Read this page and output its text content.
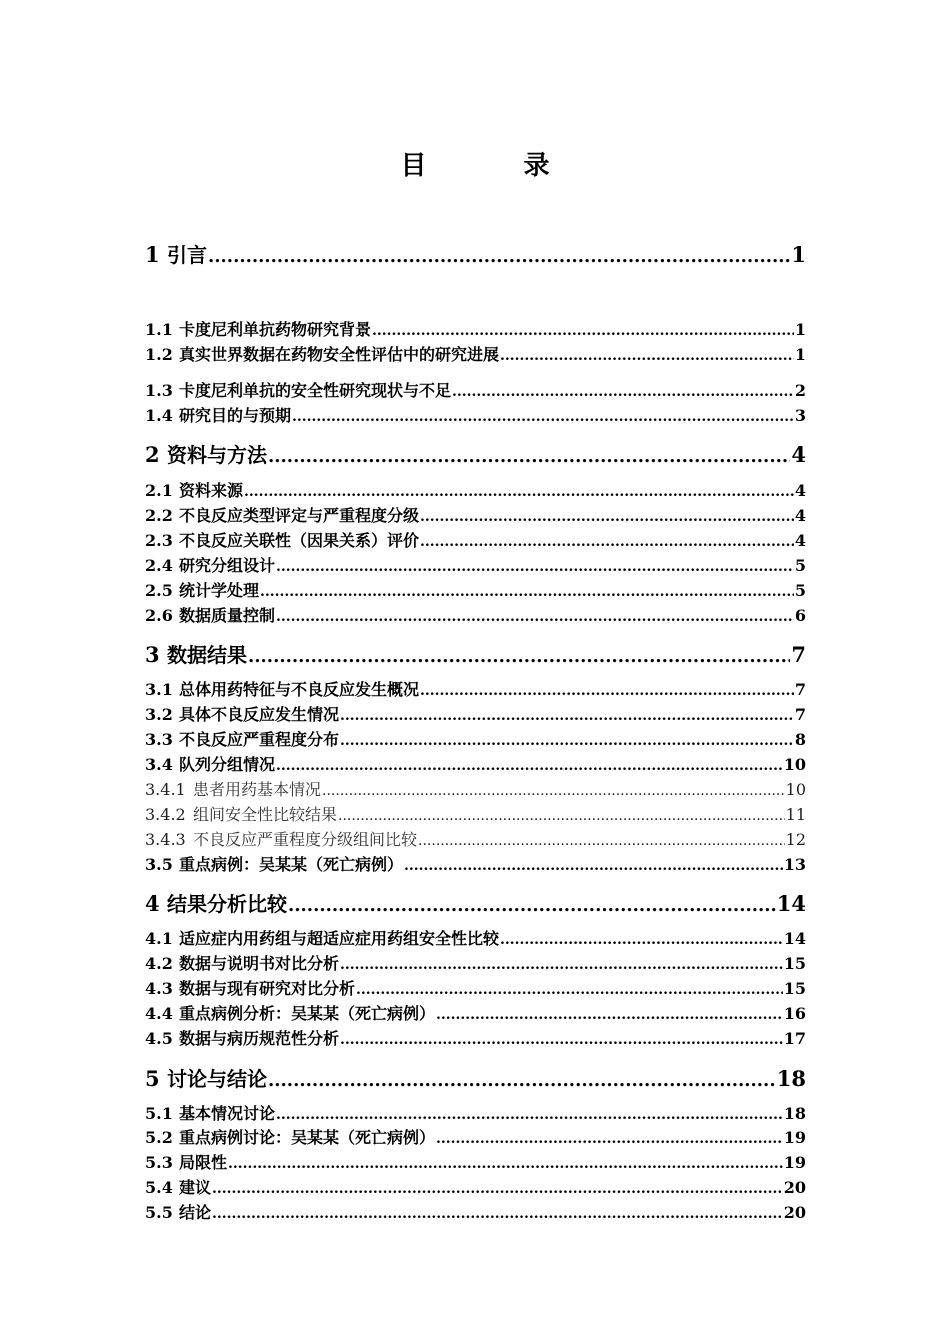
目 录
1 引言 .....	1
1.1 卡度尼利单抗药物研究背景 .....	1
1.2 真实世界数据在药物安全性评估中的研究进展 .....	1
1.3 卡度尼利单抗的安全性研究现状与不足 .....	2
1.4 研究目的与预期 .....	3
2 资料与方法 .....	4
2.1 资料来源 .....	4
2.2 不良反应类型评定与严重程度分级 .....	4
2.3 不良反应关联性（因果关系）评价 .....	4
2.4 研究分组设计 .....	5
2.5 统计学处理 .....	5
2.6 数据质量控制 .....	6
3 数据结果 .....	7
3.1 总体用药特征与不良反应发生概况 .....	7
3.2 具体不良反应发生情况 .....	7
3.3 不良反应严重程度分布 .....	8
3.4 队列分组情况 .....	10
3.4.1 患者用药基本情况 .....	10
3.4.2 组间安全性比较结果 .....	11
3.4.3 不良反应严重程度分级组间比较 .....	12
3.5 重点病例：吴某某（死亡病例） .....	13
4 结果分析比较 .....	14
4.1 适应症内用药组与超适应症用药组安全性比较 .....	14
4.2 数据与说明书对比分析 .....	15
4.3 数据与现有研究对比分析 .....	15
4.4 重点病例分析：吴某某（死亡病例） .....	16
4.5 数据与病历规范性分析 .....	17
5 讨论与结论 .....	18
5.1 基本情况讨论 .....	18
5.2 重点病例讨论：吴某某（死亡病例） .....	19
5.3 局限性 .....	19
5.4 建议 .....	20
5.5 结论 .....	20
